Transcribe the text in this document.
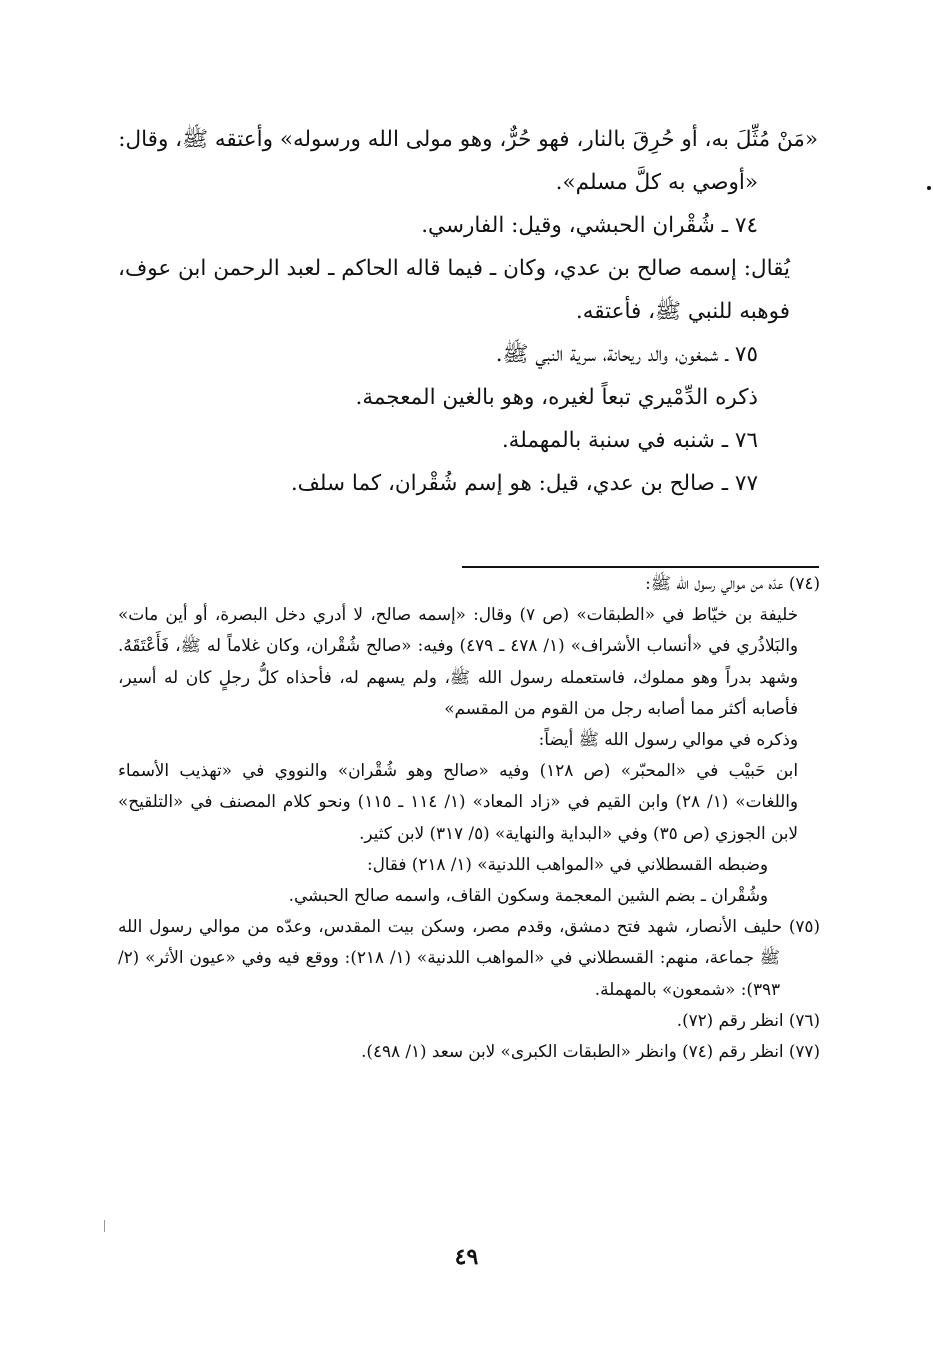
«مَنْ مُثِّلَ به، أو حُرِقَ بالنار، فهو حُرٌّ، وهو مولى الله ورسوله» وأعتقه ﷺ، وقال:

«أوصي به كلَّ مسلم».

٧٤ ـ شُقْران الحبشي، وقيل: الفارسي.

يُقال: إسمه صالح بن عدي، وكان ـ فيما قاله الحاكم ـ لعبد الرحمن ابن عوف، فوهبه للنبي ﷺ، فأعتقه.

٧٥ ـ شمغون، والد ريحانة، سرية النبي ﷺ.

ذكره الدِّمْيري تبعاً لغيره، وهو بالغين المعجمة.

٧٦ ـ شنبه في سنبة بالمهملة.

٧٧ ـ صالح بن عدي، قيل: هو إسم شُقْران، كما سلف.

(٧٤) عدّه من موالي رسول الله ﷺ:

خليفة بن خيّاط في «الطبقات» (ص ٧) وقال: «إسمه صالح، لا أدري دخل البصرة، أو أين مات» والبَلاذُري في «أنساب الأشراف» (١/ ٤٧٨ ـ ٤٧٩) وفيه: «صالح شُقْران، وكان غلاماً له ﷺ، فَأَعْتَقَهُ. وشهد بدراً وهو مملوك، فاستعمله رسول الله ﷺ، ولم يسهم له، فأحذاه كلُّ رجلٍ كان له أسير، فأصابه أكثر مما أصابه رجل من القوم من المقسم»

وذكره في موالي رسول الله ﷺ أيضاً:

ابن حَبيْب في «المحبّر» (ص ١٢٨) وفيه «صالح وهو شُقْران» والنووي في «تهذيب الأسماء واللغات» (١/ ٢٨) وابن القيم في «زاد المعاد» (١/ ١١٤ ـ ١١٥) ونحو كلام المصنف في «التلقيح» لابن الجوزي (ص ٣٥) وفي «البداية والنهاية» (٥/ ٣١٧) لابن كثير.

وضبطه القسطلاني في «المواهب اللدنية» (١/ ٢١٨) فقال:

وشُقْران ـ بضم الشين المعجمة وسكون القاف، واسمه صالح الحبشي.

(٧٥) حليف الأنصار، شهد فتح دمشق، وقدم مصر، وسكن بيت المقدس، وعدّه من موالي رسول الله ﷺ جماعة، منهم: القسطلاني في «المواهب اللدنية» (١/ ٢١٨): ووقع فيه وفي «عيون الأثر» (٢/ ٣٩٣): «شمعون» بالمهملة.

(٧٦) انظر رقم (٧٢).

(٧٧) انظر رقم (٧٤) وانظر «الطبقات الكبرى» لابن سعد (١/ ٤٩٨).

٤٩
